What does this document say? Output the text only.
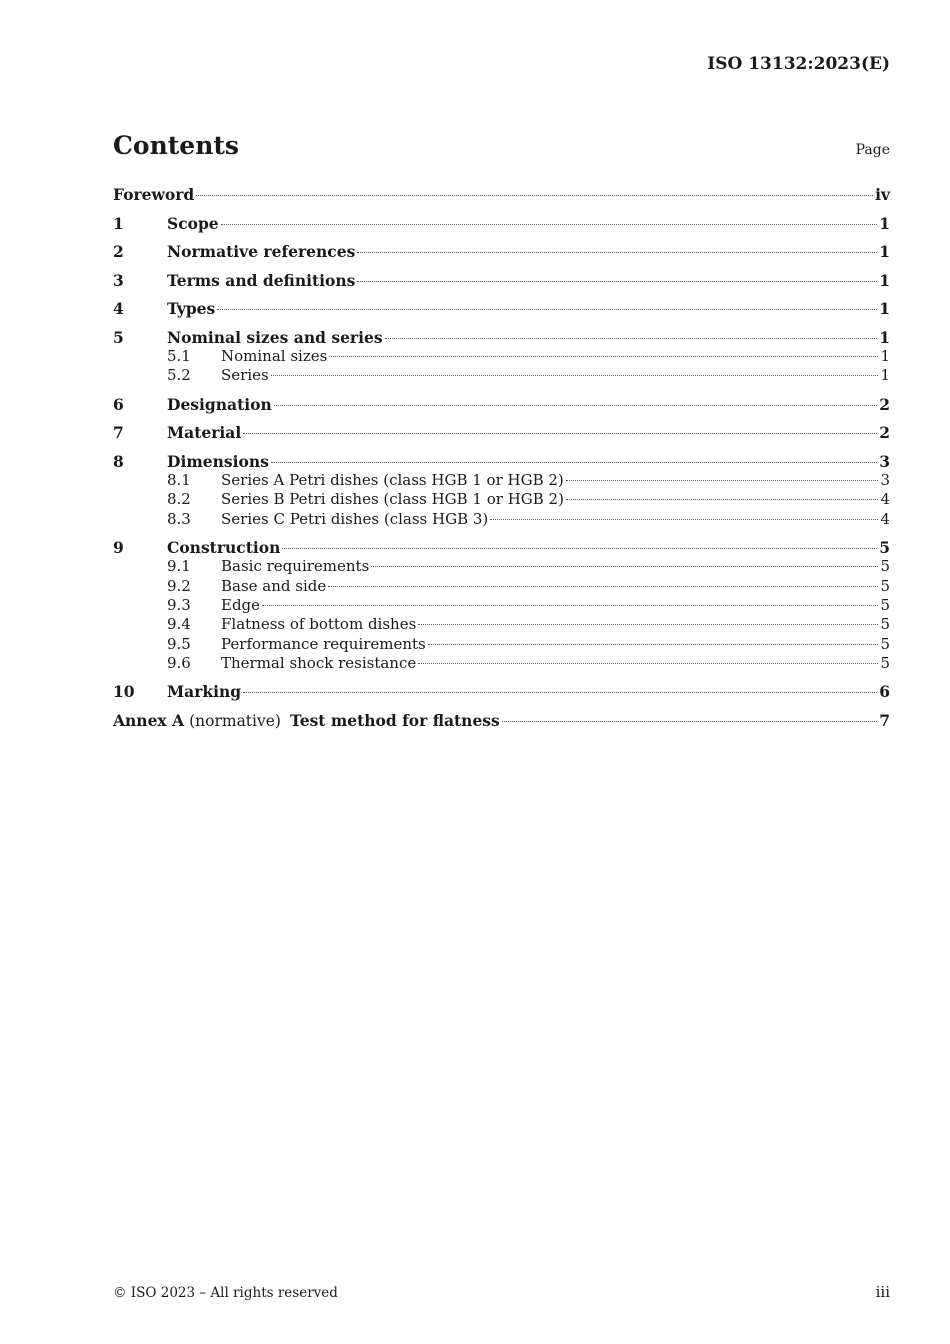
ISO 13132:2023(E)
Contents	Page
Foreword	iv
1	Scope	1
2	Normative references	1
3	Terms and definitions	1
4	Types	1
5	Nominal sizes and series	1
5.1	Nominal sizes	1
5.2	Series	1
6	Designation	2
7	Material	2
8	Dimensions	3
8.1	Series A Petri dishes (class HGB 1 or HGB 2)	3
8.2	Series B Petri dishes (class HGB 1 or HGB 2)	4
8.3	Series C Petri dishes (class HGB 3)	4
9	Construction	5
9.1	Basic requirements	5
9.2	Base and side	5
9.3	Edge	5
9.4	Flatness of bottom dishes	5
9.5	Performance requirements	5
9.6	Thermal shock resistance	5
10	Marking	6
Annex A (normative) Test method for flatness	7
© ISO 2023 – All rights reserved	iii
